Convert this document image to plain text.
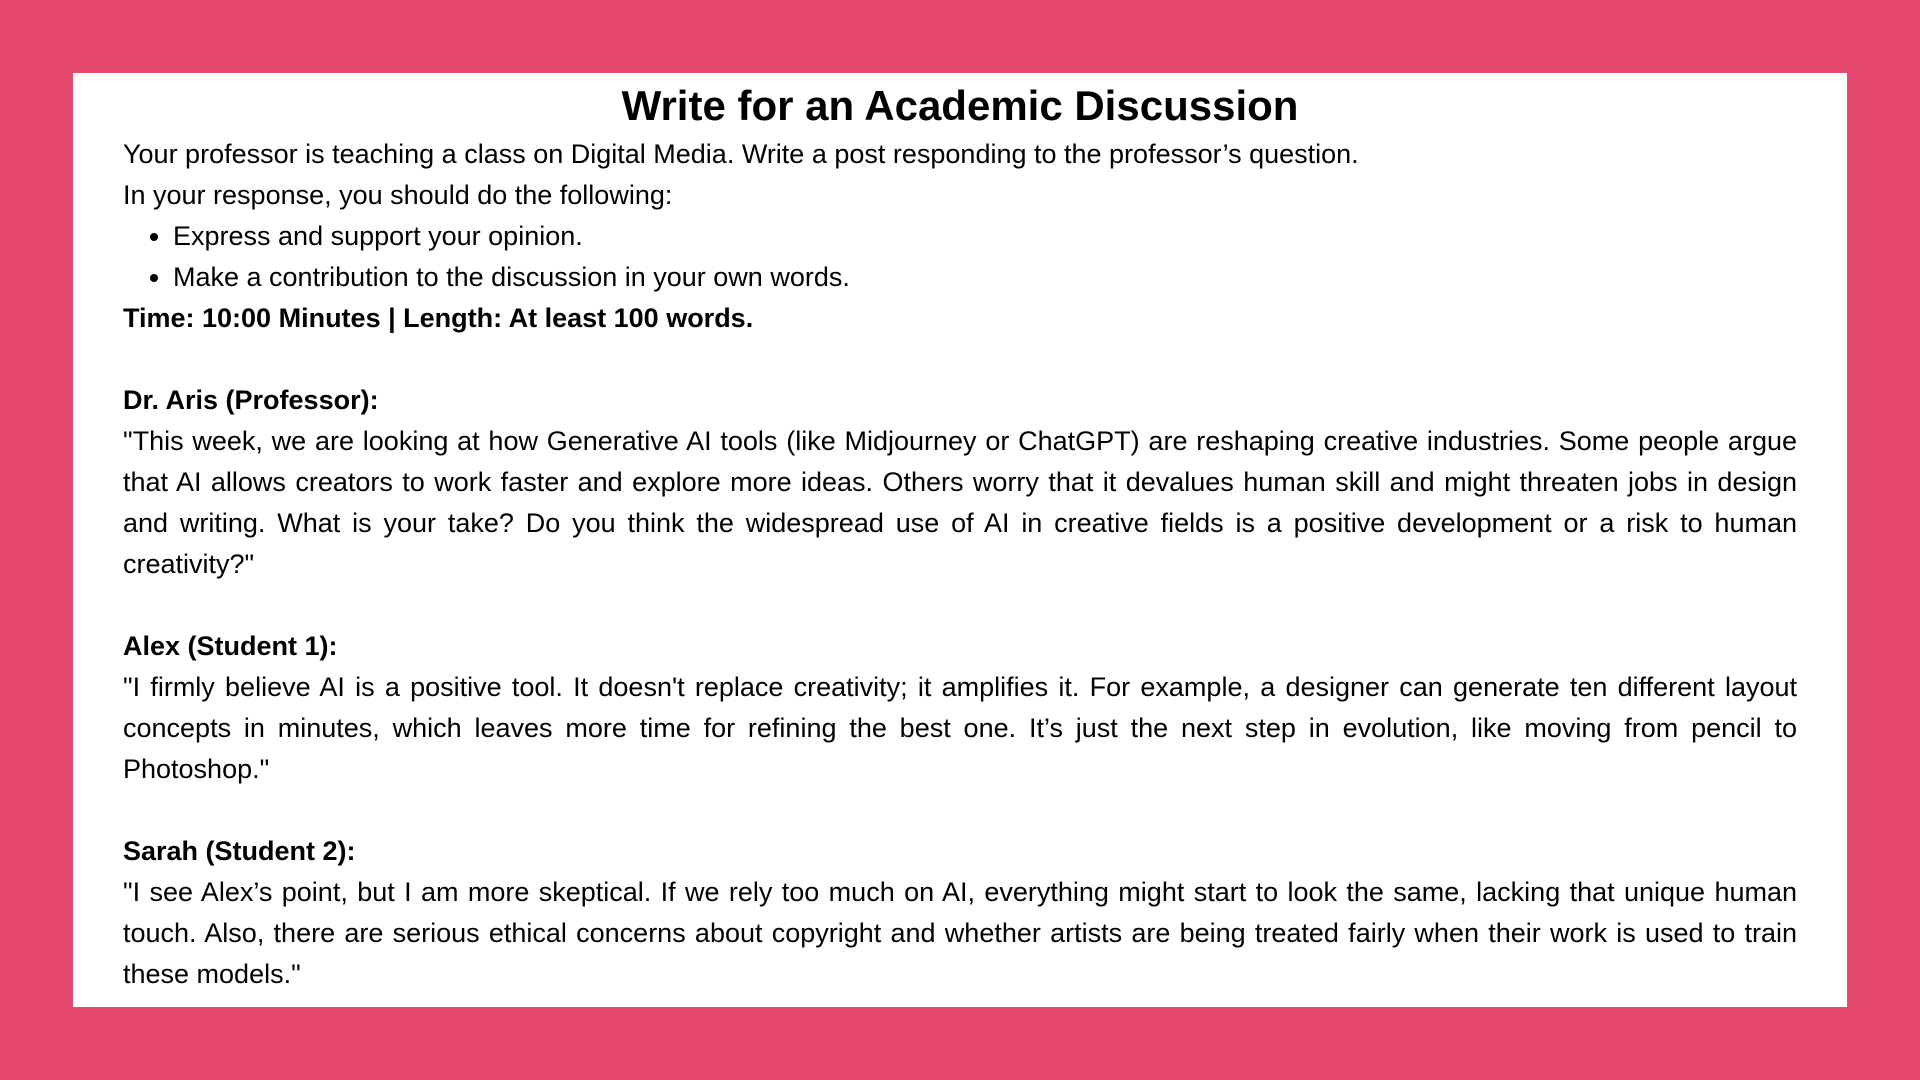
Write for an Academic Discussion

Your professor is teaching a class on Digital Media. Write a post responding to the professor’s question.

In your response, you should do the following:

• Express and support your opinion.
• Make a contribution to the discussion in your own words.

Time: 10:00 Minutes | Length: At least 100 words.

Dr. Aris (Professor):

"This week, we are looking at how Generative AI tools (like Midjourney or ChatGPT) are reshaping creative industries. Some people argue that AI allows creators to work faster and explore more ideas. Others worry that it devalues human skill and might threaten jobs in design and writing. What is your take? Do you think the widespread use of AI in creative fields is a positive development or a risk to human creativity?"

Alex (Student 1):

"I firmly believe AI is a positive tool. It doesn't replace creativity; it amplifies it. For example, a designer can generate ten different layout concepts in minutes, which leaves more time for refining the best one. It’s just the next step in evolution, like moving from pencil to Photoshop."

Sarah (Student 2):

"I see Alex’s point, but I am more skeptical. If we rely too much on AI, everything might start to look the same, lacking that unique human touch. Also, there are serious ethical concerns about copyright and whether artists are being treated fairly when their work is used to train these models."
